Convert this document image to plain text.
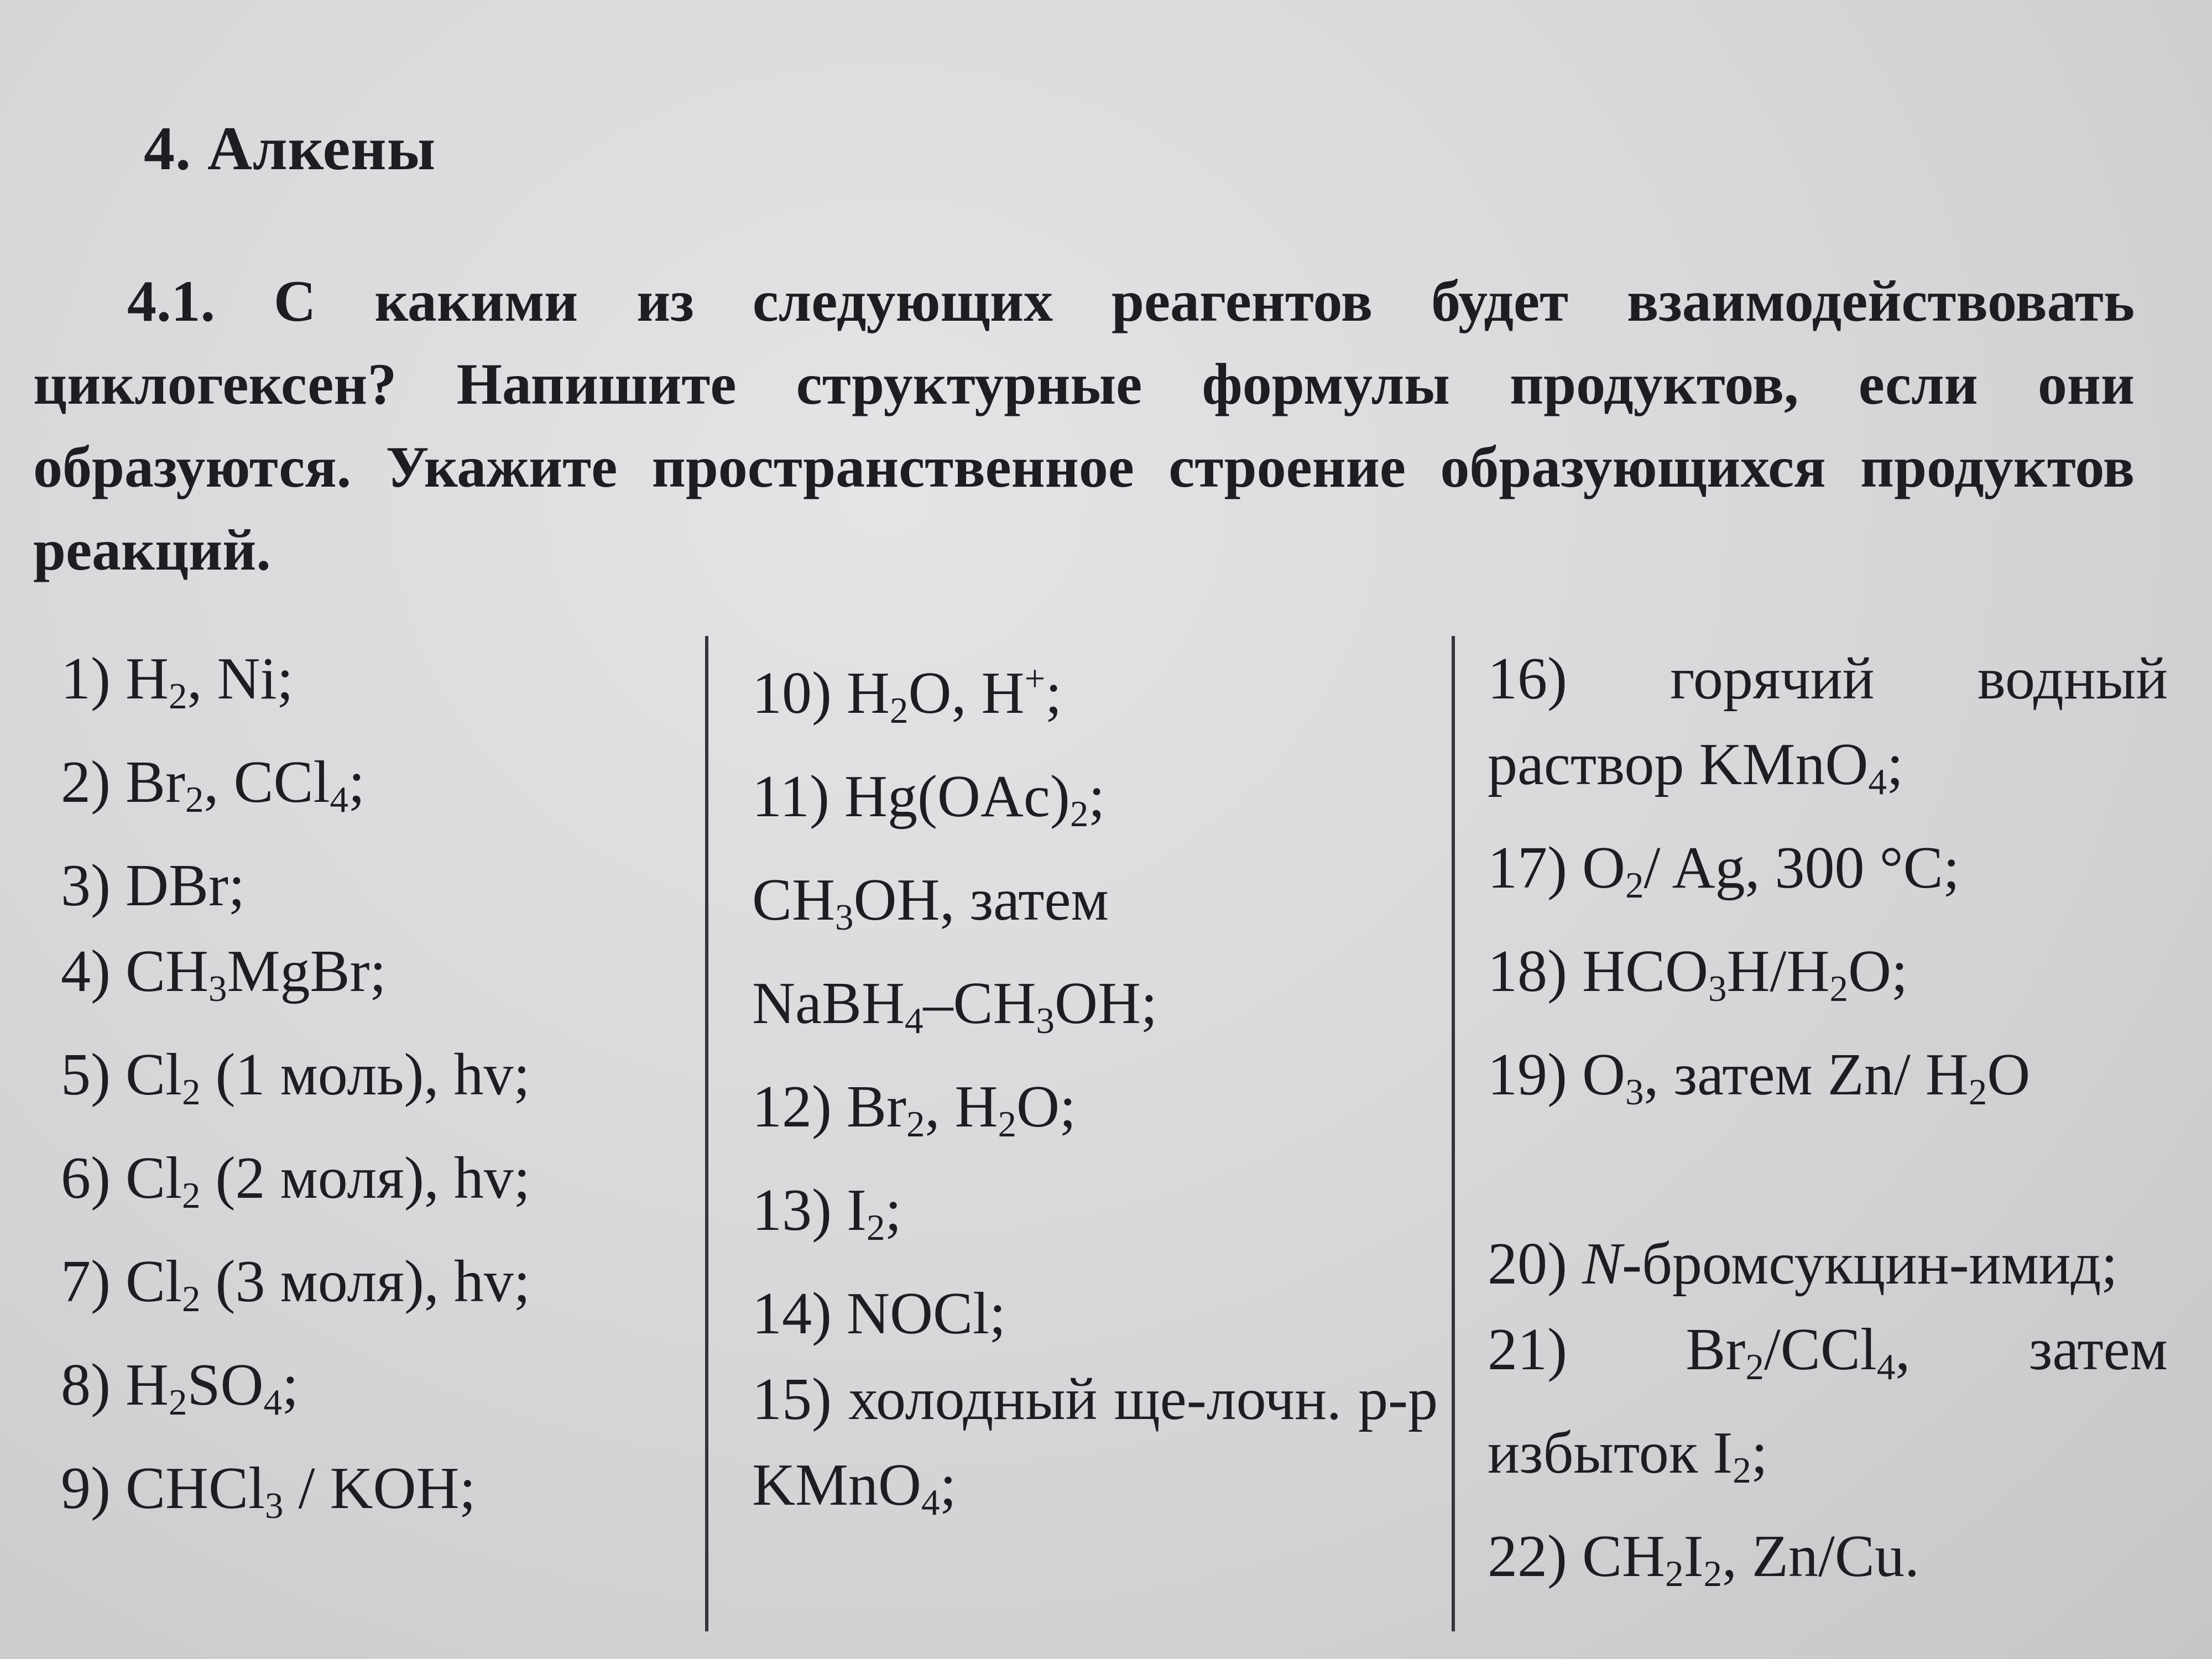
4. Алкены

4.1. С какими из следующих реагентов будет взаимодействовать циклогексен? Напишите структурные формулы продуктов, если они образуются. Укажите пространственное строение образующихся продуктов реакций.

1) $H_2$, Ni;
2) $Br_2$, CCl$_4$;
3) DBr;
4) $CH_3MgBr$;
5) $Cl_2$ (1 моль), hv;
6) $Cl_2$ (2 моля), hv;
7) $Cl_2$ (3 моля), hv;
8) $H_2SO_4$;
9) CHCl$_3$ / KOH;
10) $H_2O$, H+;
11) $Hg(OAc)_2$;
$CH_3OH$, затем
$NaBH_4-CH_3OH$;
12) $Br_2$, $H_2O$;
13) $I_2$;
14) NOCl;
15) холодный ще-лочн. р-р KMnO$_4$;
16) горячий водный раствор KMnO$_4$;
17) $O_2/$ Ag, 300 °C;
18) $HCO_3H/H_2O$;
19) $O_3$, затем Zn/ $H_2O$
20) N-бромсукцин-имид;
21) $Br_2/CCl_4$, затем избыток $I_2$;
22) $CH_2I_2$, Zn/Cu.
